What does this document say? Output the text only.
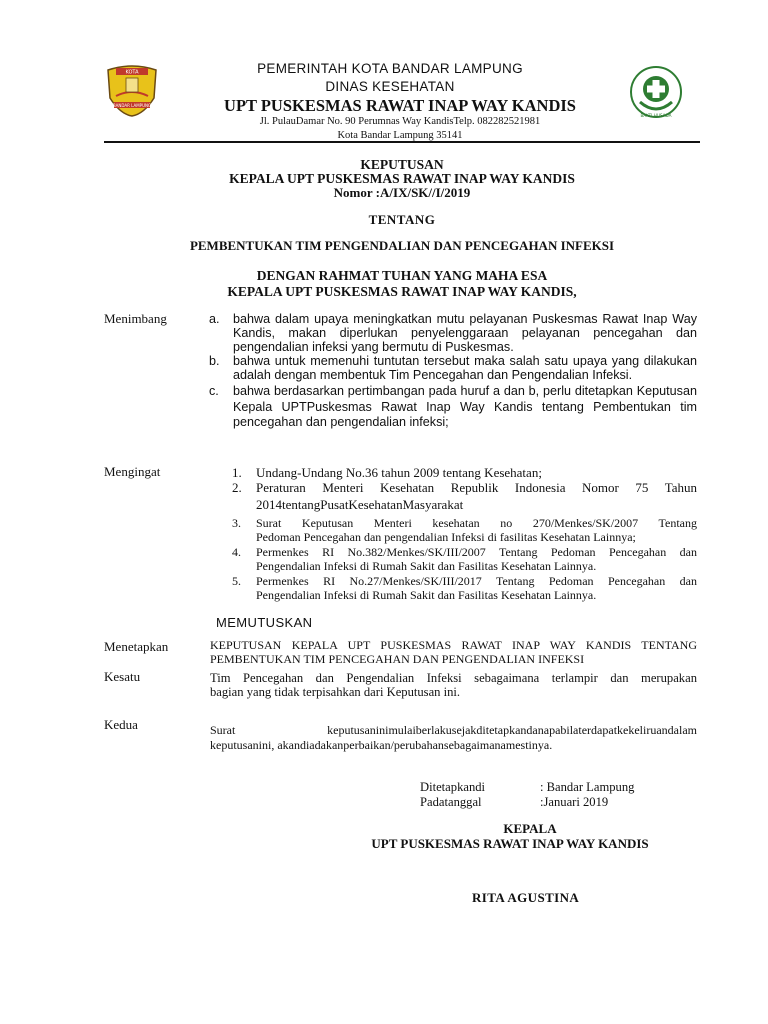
KOTA
BANDAR LAMPUNG
PEMERINTAH KOTA BANDAR LAMPUNG
DINAS KESEHATAN
UPT PUSKESMAS RAWAT INAP WAY KANDIS
Jl. PulauDamar No. 90 Perumnas Way KandisTelp. 082282521981
Kota Bandar Lampung 35141
BAKTI HUSADA
KEPUTUSAN
KEPALA UPT PUSKESMAS RAWAT INAP WAY KANDIS
Nomor :A/IX/SK//I/2019
TENTANG
PEMBENTUKAN TIM PENGENDALIAN DAN PENCEGAHAN INFEKSI
DENGAN RAHMAT TUHAN YANG MAHA ESA
KEPALA UPT PUSKESMAS RAWAT INAP WAY KANDIS,
Menimbang	a. bahwa dalam upaya meningkatkan mutu pelayanan Puskesmas Rawat Inap Way
Kandis, makan diperlukan penyelenggaraan pelayanan pencegahan dan
pengendalian infeksi yang bermutu di Puskesmas.
b. bahwa untuk memenuhi tuntutan tersebut maka salah satu upaya yang dilakukan
adalah dengan membentuk Tim Pencegahan dan Pengendalian Infeksi.
c. bahwa berdasarkan pertimbangan pada huruf a dan b, perlu ditetapkan Keputusan
Kepala UPTPuskesmas Rawat Inap Way Kandis tentang Pembentukan tim
pencegahan dan pengendalian infeksi;
Mengingat	1. Undang-Undang No.36 tahun 2009 tentang Kesehatan;
2. Peraturan Menteri Kesehatan Republik Indonesia Nomor 75 Tahun
2014tentangPusatKesehatanMasyarakat
3. Surat Keputusan Menteri kesehatan no 270/Menkes/SK/2007 Tentang
Pedoman Pencegahan dan pengendalian Infeksi di fasilitas Kesehatan Lainnya;
4. Permenkes RI No.382/Menkes/SK/III/2007 Tentang Pedoman Pencegahan dan
Pengendalian Infeksi di Rumah Sakit dan Fasilitas Kesehatan Lainnya.
5. Permenkes RI No.27/Menkes/SK/III/2017 Tentang Pedoman Pencegahan dan
Pengendalian Infeksi di Rumah Sakit dan Fasilitas Kesehatan Lainnya.
MEMUTUSKAN
Menetapkan	KEPUTUSAN KEPALA UPT PUSKESMAS RAWAT INAP WAY KANDIS TENTANG
PEMBENTUKAN TIM PENCEGAHAN DAN PENGENDALIAN INFEKSI
Kesatu	Tim Pencegahan dan Pengendalian Infeksi sebagaimana terlampir dan merupakan
bagian yang tidak terpisahkan dari Keputusan ini.
Kedua	Surat keputusaninimulaiberlakusejakditetapkandanapabilaterdapatkekeliruandalam
keputusanini, akandiadakanperbaikan/perubahansebagaimanamestinya.
Ditetapkandi	: Bandar Lampung
Padatanggal	:Januari 2019
KEPALA
UPT PUSKESMAS RAWAT INAP WAY KANDIS
RITA AGUSTINA
